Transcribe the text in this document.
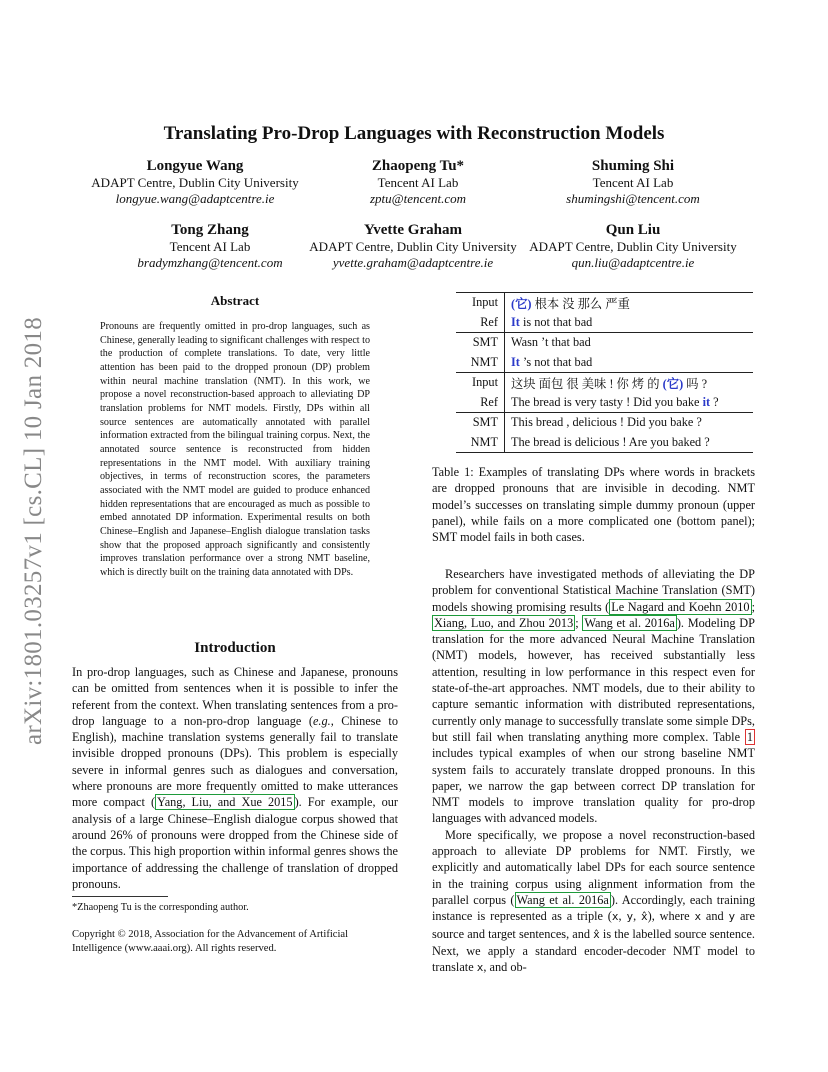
Translating Pro-Drop Languages with Reconstruction Models
Longyue Wang
ADAPT Centre, Dublin City University
longyue.wang@adaptcentre.ie
Zhaopeng Tu*
Tencent AI Lab
zptu@tencent.com
Shuming Shi
Tencent AI Lab
shumingshi@tencent.com
Tong Zhang
Tencent AI Lab
bradymzhang@tencent.com
Yvette Graham
ADAPT Centre, Dublin City University
yvette.graham@adaptcentre.ie
Qun Liu
ADAPT Centre, Dublin City University
qun.liu@adaptcentre.ie
arXiv:1801.03257v1 [cs.CL] 10 Jan 2018
Abstract
Pronouns are frequently omitted in pro-drop languages, such as Chinese, generally leading to significant challenges with respect to the production of complete translations. To date, very little attention has been paid to the dropped pronoun (DP) problem within neural machine translation (NMT). In this work, we propose a novel reconstruction-based approach to alleviating DP translation problems for NMT models. Firstly, DPs within all source sentences are automatically annotated with parallel information extracted from the bilingual training corpus. Next, the annotated source sentence is reconstructed from hidden representations in the NMT model. With auxiliary training objectives, in terms of reconstruction scores, the parameters associated with the NMT model are guided to produce enhanced hidden representations that are encouraged as much as possible to embed annotated DP information. Experimental results on both Chinese–English and Japanese–English dialogue translation tasks show that the proposed approach significantly and consistently improves translation performance over a strong NMT baseline, which is directly built on the training data annotated with DPs.
Introduction
In pro-drop languages, such as Chinese and Japanese, pronouns can be omitted from sentences when it is possible to infer the referent from the context. When translating sentences from a pro-drop language to a non-pro-drop language (e.g., Chinese to English), machine translation systems generally fail to translate invisible dropped pronouns (DPs). This problem is especially severe in informal genres such as dialogues and conversation, where pronouns are more frequently omitted to make utterances more compact ( Yang, Liu, and Xue 2015 ). For example, our analysis of a large Chinese–English dialogue corpus showed that around 26% of pronouns were dropped from the Chinese side of the corpus. This high proportion within informal genres shows the importance of addressing the challenge of translation of dropped pronouns.
*Zhaopeng Tu is the corresponding author.
Copyright © 2018, Association for the Advancement of Artificial Intelligence (www.aaai.org). All rights reserved.
Input	(它) 根本 没 那么 严重
Ref	It is not that bad
SMT	Wasn ’t that bad
NMT	It ’s not that bad
Input	这块 面包 很 美味 ! 你 烤 的 (它) 吗 ?
Ref	The bread is very tasty ! Did you bake it ?
SMT	This bread , delicious ! Did you bake ?
NMT	The bread is delicious ! Are you baked ?
Table 1: Examples of translating DPs where words in brackets are dropped pronouns that are invisible in decoding. NMT model’s successes on translating simple dummy pronoun (upper panel), while fails on a more complicated one (bottom panel); SMT model fails in both cases.
Researchers have investigated methods of alleviating the DP problem for conventional Statistical Machine Translation (SMT) models showing promising results ( Le Nagard and Koehn 2010 ; Xiang, Luo, and Zhou 2013 ; Wang et al. 2016a ). Modeling DP translation for the more advanced Neural Machine Translation (NMT) models, however, has received substantially less attention, resulting in low performance in this respect even for state-of-the-art approaches. NMT models, due to their ability to capture semantic information with distributed representations, currently only manage to successfully translate some simple DPs, but still fail when translating anything more complex. Table 1 includes typical examples of when our strong baseline NMT system fails to accurately translate dropped pronouns. In this paper, we narrow the gap between correct DP translation for NMT models to improve translation quality for pro-drop languages with advanced models.
More specifically, we propose a novel reconstruction-based approach to alleviate DP problems for NMT. Firstly, we explicitly and automatically label DPs for each source sentence in the training corpus using alignment information from the parallel corpus ( Wang et al. 2016a ). Accordingly, each training instance is represented as a triple (x, y, x̂), where x and y are source and target sentences, and x̂ is the labelled source sentence. Next, we apply a standard encoder-decoder NMT model to translate x, and ob-
